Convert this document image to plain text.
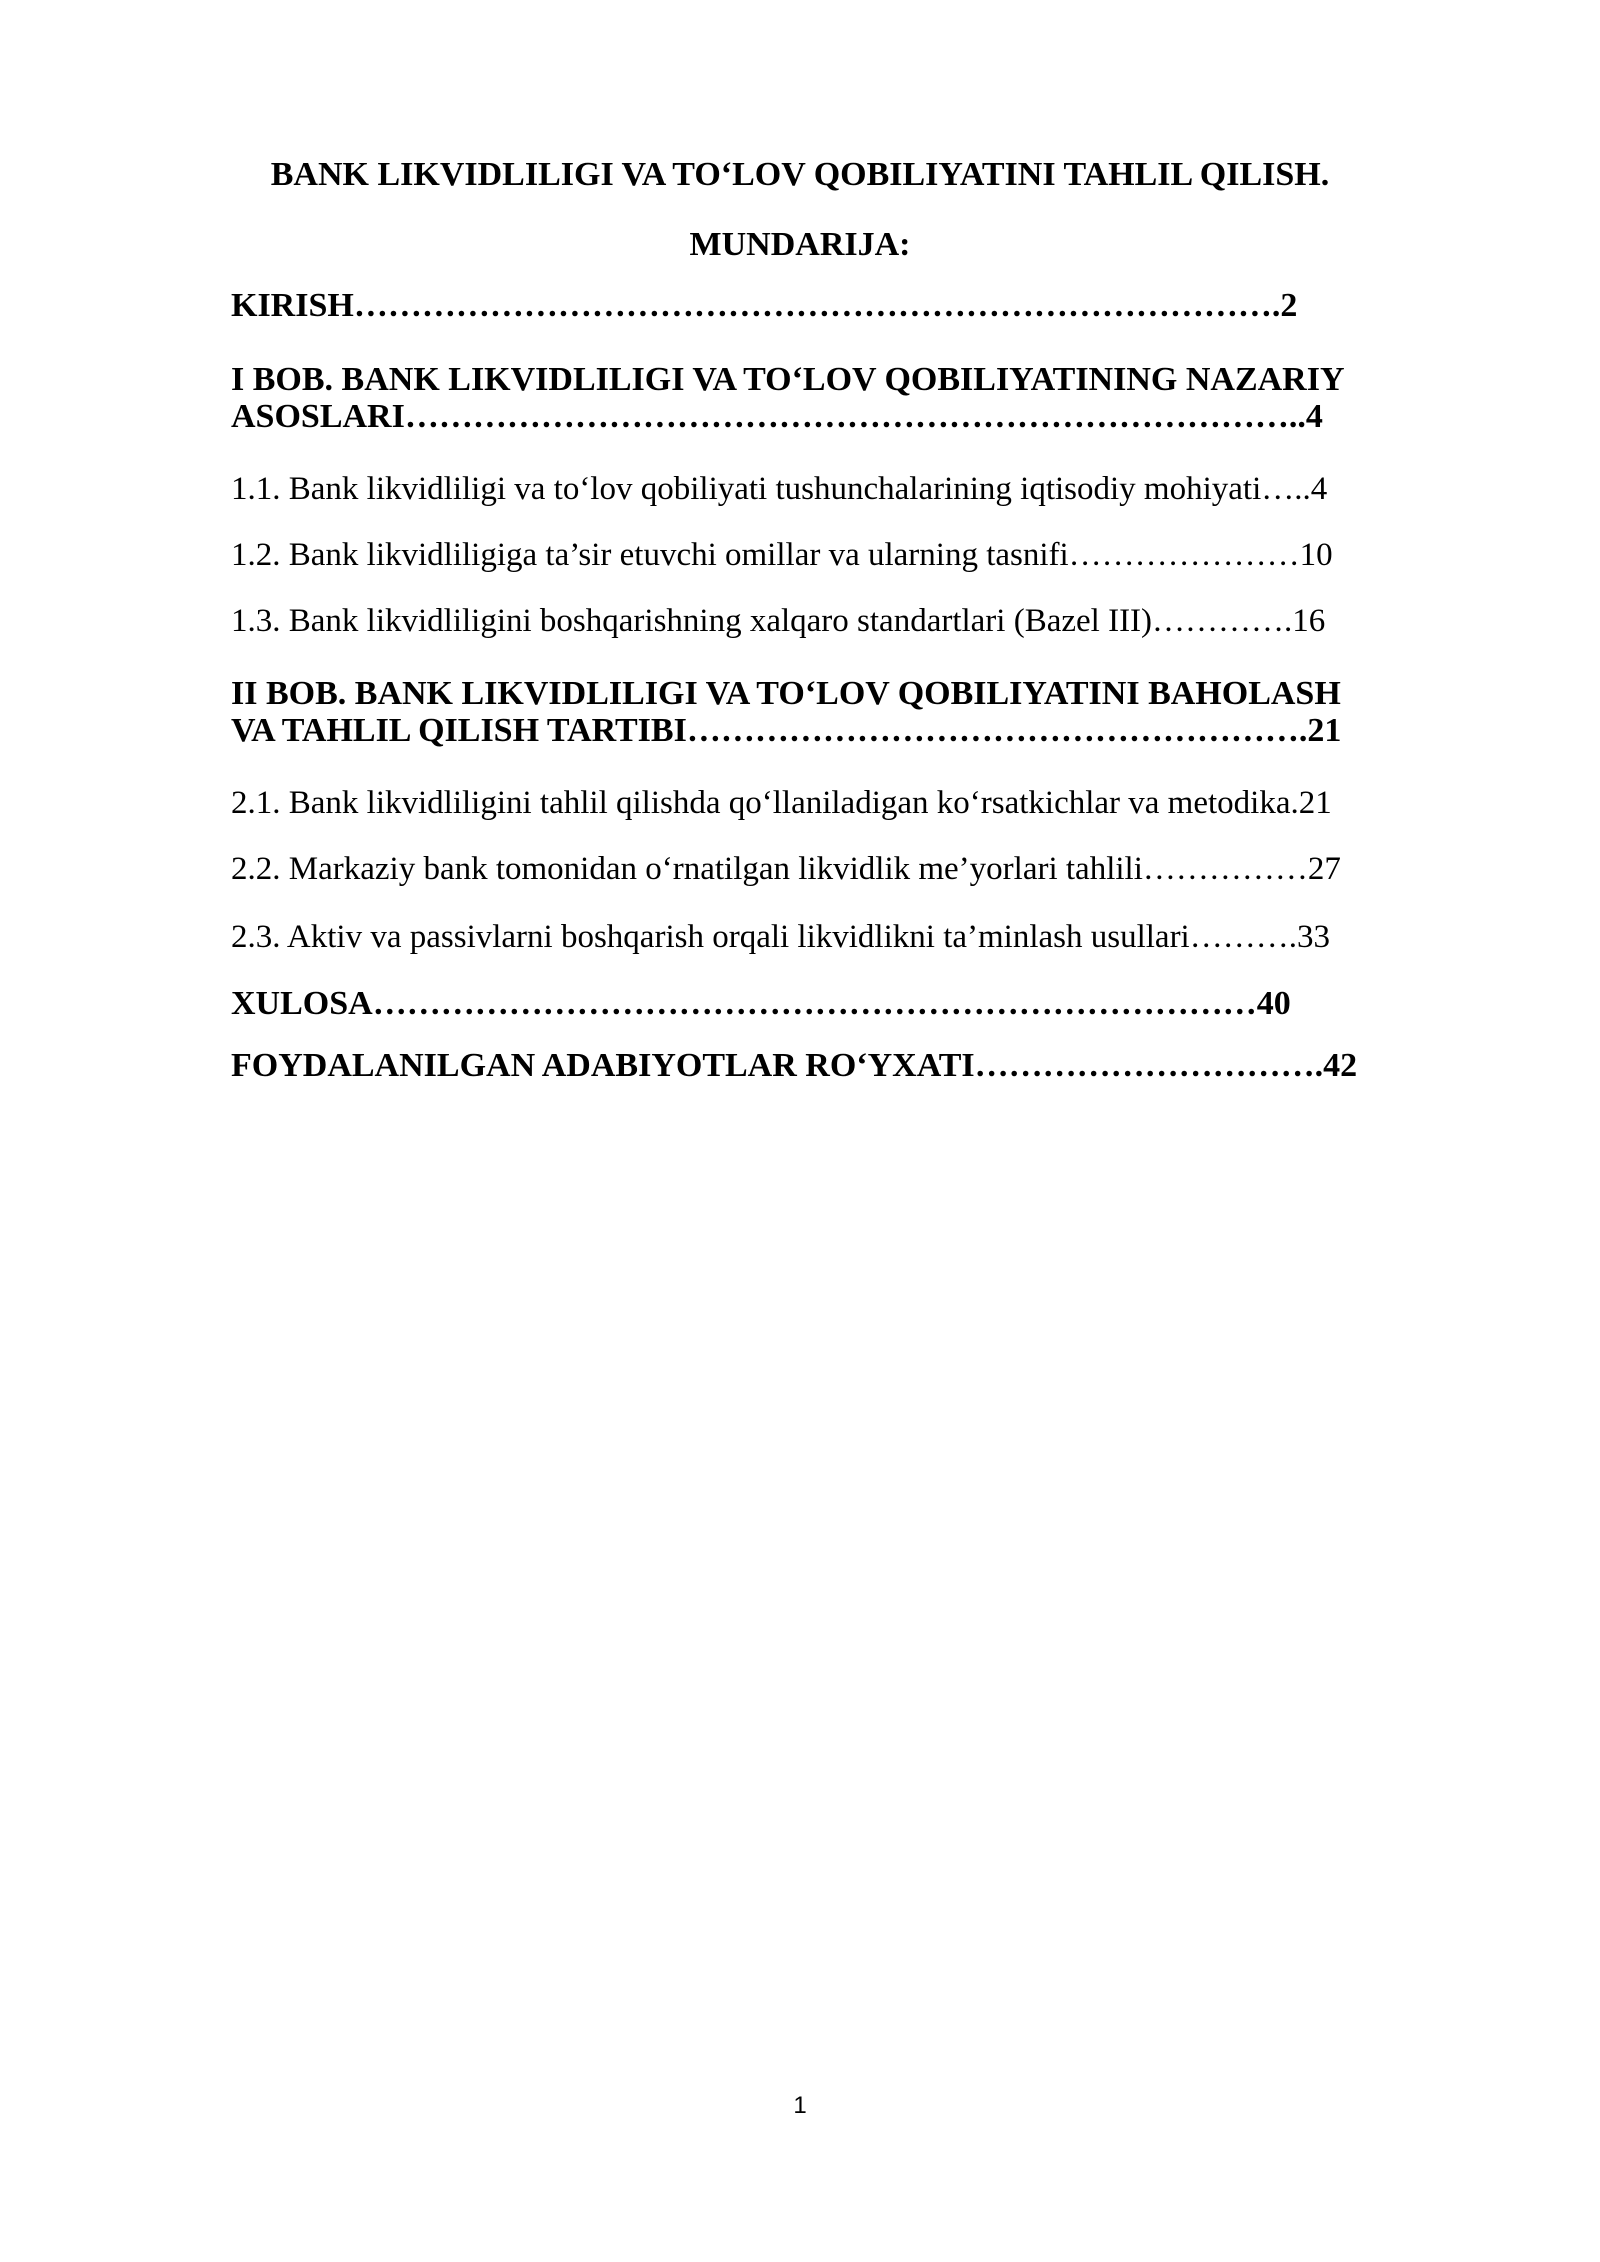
BANK LIKVIDLILIGI VA TO‘LOV QOBILIYATINI TAHLIL QILISH.
MUNDARIJA:
KIRISH……………………………………………………………………….2
I BOB. BANK LIKVIDLILIGI VA TO‘LOV QOBILIYATINING NAZARIY
ASOSLARI……………………………………………………………………..4
1.1. Bank likvidliligi va to‘lov qobiliyati tushunchalarining iqtisodiy mohiyati…..4
1.2. Bank likvidliligiga ta’sir etuvchi omillar va ularning tasnifi…………………10
1.3. Bank likvidliligini boshqarishning xalqaro standartlari (Bazel III)………….16
II BOB. BANK LIKVIDLILIGI VA TO‘LOV QOBILIYATINI BAHOLASH
VA TAHLIL QILISH TARTIBI……………………………………………….21
2.1. Bank likvidliligini tahlil qilishda qo‘llaniladigan ko‘rsatkichlar va metodika.21
2.2. Markaziy bank tomonidan o‘rnatilgan likvidlik me’yorlari tahlili……………27
2.3. Aktiv va passivlarni boshqarish orqali likvidlikni ta’minlash usullari……….33
XULOSA……………………………………………………………………40
FOYDALANILGAN ADABIYOTLAR RO‘YXATI………………………….42
1
